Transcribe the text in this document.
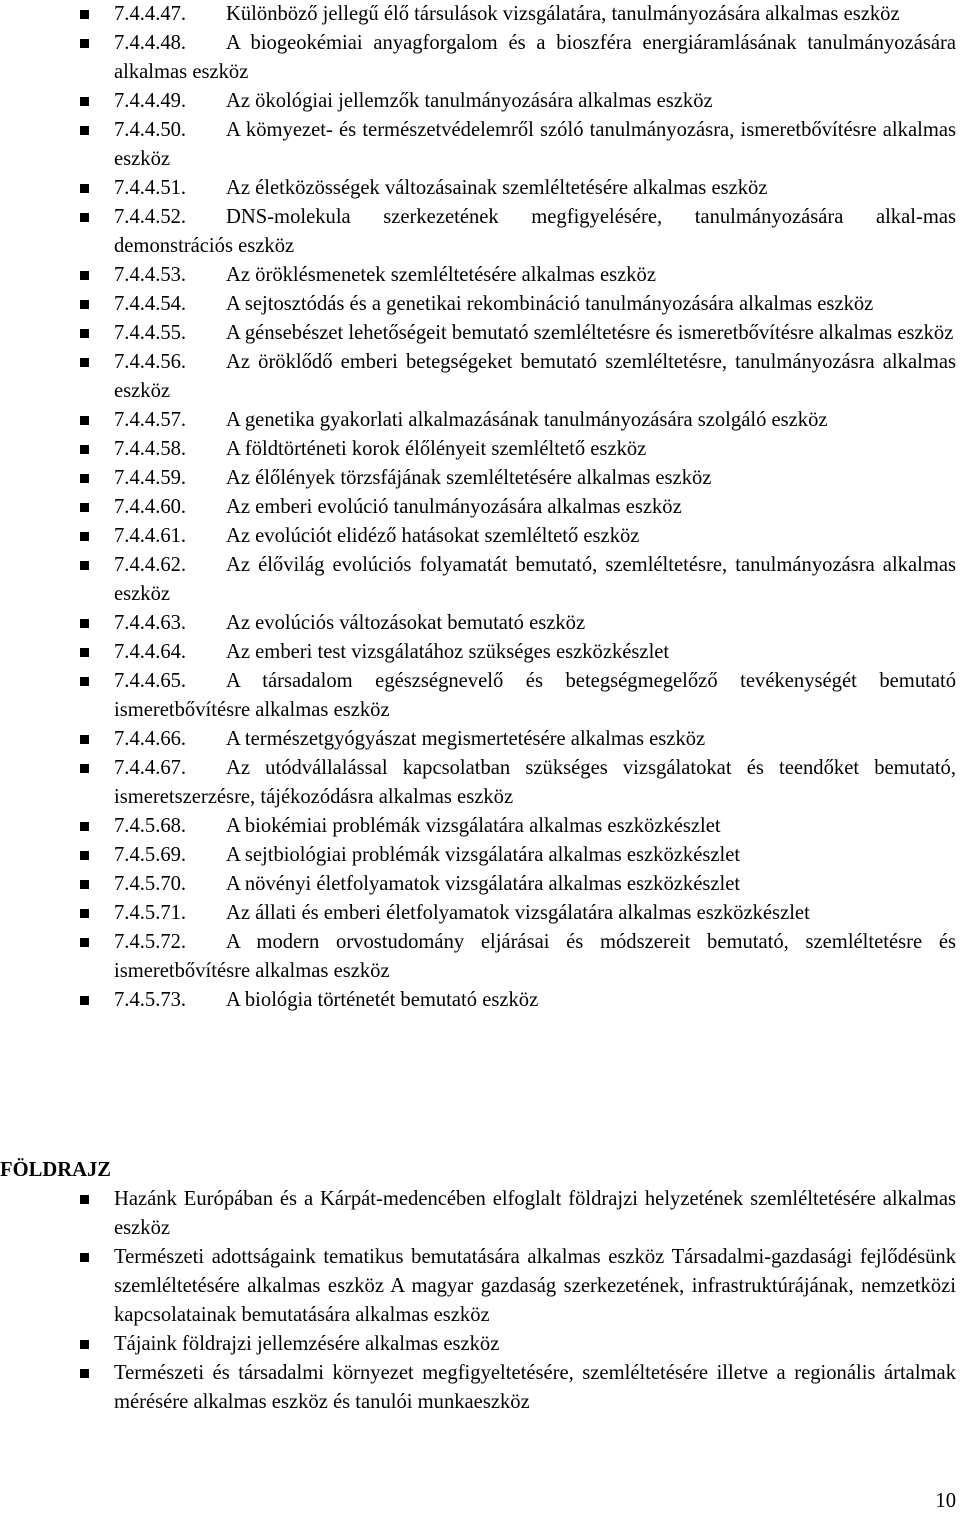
7.4.4.47. Különböző jellegű élő társulások vizsgálatára, tanulmányozására alkalmas eszköz
7.4.4.48. A biogeokémiai anyagforgalom és a bioszféra energiáramlásának tanulmányozására alkalmas eszköz
7.4.4.49. Az ökológiai jellemzők tanulmányozására alkalmas eszköz
7.4.4.50. A kömyezet- és természetvédelemről szóló tanulmányozásra, ismeretbővítésre alkalmas eszköz
7.4.4.51. Az életközösségek változásainak szemléltetésére alkalmas eszköz
7.4.4.52. DNS-molekula szerkezetének megfigyelésére, tanulmányozására alkal-mas demonstrációs eszköz
7.4.4.53. Az öröklésmenetek szemléltetésére alkalmas eszköz
7.4.4.54. A sejtosztódás és a genetikai rekombináció tanulmányozására alkalmas eszköz
7.4.4.55. A génsebészet lehetőségeit bemutató szemléltetésre és ismeretbővítésre alkalmas eszköz
7.4.4.56. Az öröklődő emberi betegségeket bemutató szemléltetésre, tanulmányozásra alkalmas eszköz
7.4.4.57. A genetika gyakorlati alkalmazásának tanulmányozására szolgáló eszköz
7.4.4.58. A földtörténeti korok élőlényeit szemléltető eszköz
7.4.4.59. Az élőlények törzsfájának szemléltetésére alkalmas eszköz
7.4.4.60. Az emberi evolúció tanulmányozására alkalmas eszköz
7.4.4.61. Az evolúciót elidéző hatásokat szemléltető eszköz
7.4.4.62. Az élővilág evolúciós folyamatát bemutató, szemléltetésre, tanulmányozásra alkalmas eszköz
7.4.4.63. Az evolúciós változásokat bemutató eszköz
7.4.4.64. Az emberi test vizsgálatához szükséges eszközkészlet
7.4.4.65. A társadalom egészségnevelő és betegségmegelőző tevékenységét bemutató ismeretbővítésre alkalmas eszköz
7.4.4.66. A természetgyógyászat megismertetésére alkalmas eszköz
7.4.4.67. Az utódvállalással kapcsolatban szükséges vizsgálatokat és teendőket bemutató, ismeretszerzésre, tájékozódásra alkalmas eszköz
7.4.5.68. A biokémiai problémák vizsgálatára alkalmas eszközkészlet
7.4.5.69. A sejtbiológiai problémák vizsgálatára alkalmas eszközkészlet
7.4.5.70. A növényi életfolyamatok vizsgálatára alkalmas eszközkészlet
7.4.5.71. Az állati és emberi életfolyamatok vizsgálatára alkalmas eszközkészlet
7.4.5.72. A modern orvostudomány eljárásai és módszereit bemutató, szemléltetésre és ismeretbővítésre alkalmas eszköz
7.4.5.73. A biológia történetét bemutató eszköz
FÖLDRAJZ
Hazánk Európában és a Kárpát-medencében elfoglalt földrajzi helyzetének szemléltetésére alkalmas eszköz
Természeti adottságaink tematikus bemutatására alkalmas eszköz Társadalmi-gazdasági fejlődésünk szemléltetésére alkalmas eszköz A magyar gazdaság szerkezetének, infrastruktúrájának, nemzetközi kapcsolatainak bemutatására alkalmas eszköz
Tájaink földrajzi jellemzésére alkalmas eszköz
Természeti és társadalmi környezet megfigyeltetésére, szemléltetésére illetve a regionális ártalmak mérésére alkalmas eszköz és tanulói munkaeszköz
10
